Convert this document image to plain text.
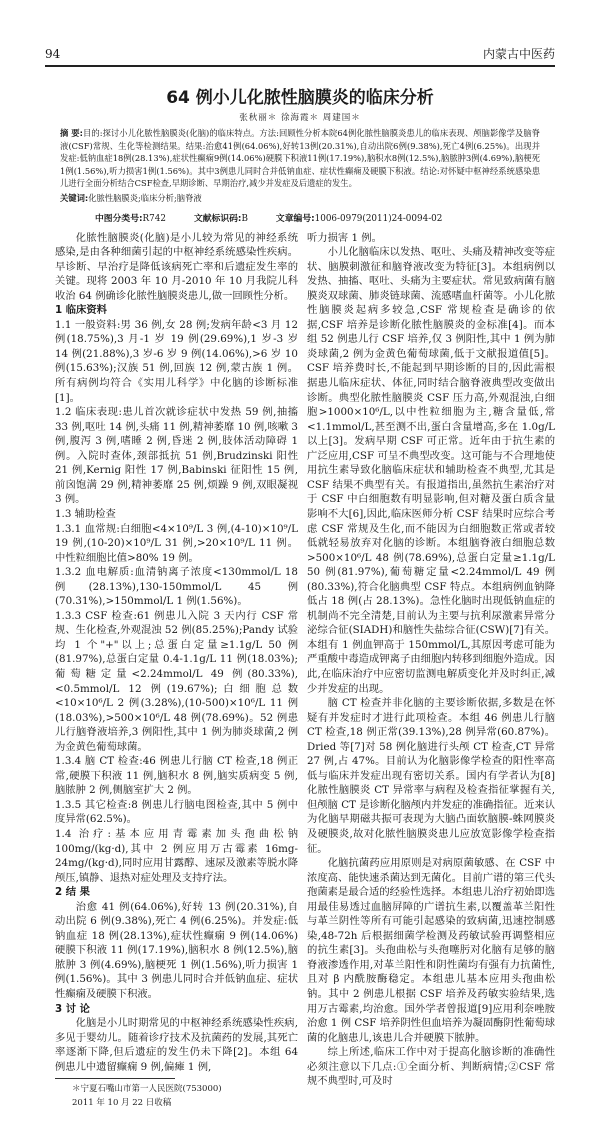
94	内蒙古中医药
64 例小儿化脓性脑膜炎的临床分析
张秋丽＊ 徐海霞＊ 周建国＊
摘 要:目的:探讨小儿化脓性脑膜炎(化脑)的临床特点。方法:回顾性分析本院64例化脓性脑膜炎患儿的临床表现、颅脑影像学及脑脊液(CSF)常规、生化等检测结果。结果:治愈41例(64.06%),好转13例(20.31%),自动出院6例(9.38%),死亡4例(6.25%)。出现并发症:低钠血症18例(28.13%),症状性癫痫9例(14.06%)硬膜下积液11例(17.19%),脑积水8例(12.5%),脑脓肿3例(4.69%),脑梗死1例(1.56%),听力损害1例(1.56%)。其中3例患儿同时合并低钠血症、症状性癫痫及硬膜下积液。结论:对怀疑中枢神经系统感染患儿进行全面分析结合CSF检查,早期诊断、早期治疗,减少并发症及后遗症的发生。
关键词:化脓性脑膜炎;临床分析;脑脊液
中图分类号:R742	文献标识码:B	文章编号:1006-0979(2011)24-0094-02

化脓性脑膜炎(化脑)是小儿较为常见的神经系统感染,是由各种细菌引起的中枢神经系统感染性疾病。早诊断、早治疗是降低该病死亡率和后遗症发生率的关键。现将 2003 年 10 月-2010 年 10 月我院儿科收治 64 例确诊化脓性脑膜炎患儿,做一回顾性分析。

1 临床资料

1.1 一般资料:男 36 例,女 28 例;发病年龄<3 月 12 例(18.75%),3 月-1 岁 19 例(29.69%),1 岁-3 岁 14 例(21.88%),3 岁-6 岁 9 例(14.06%),>6 岁 10 例(15.63%);汉族 51 例,回族 12 例,蒙古族 1 例。所有病例均符合《实用儿科学》中化脑的诊断标准[1]。

1.2 临床表现:患儿首次就诊症状中发热 59 例,抽搐 33 例,呕吐 14 例,头痛 11 例,精神萎靡 10 例,咳嗽 3 例,腹泻 3 例,嗜睡 2 例,昏迷 2 例,肢体活动障碍 1 例。入院时查体,颈部抵抗 51 例,Brudzinski 阳性 21 例,Kernig 阳性 17 例,Babinski 征阳性 15 例,前囟饱满 29 例,精神萎靡 25 例,烦躁 9 例,双眼凝视 3 例。

1.3 辅助检查

1.3.1 血常规:白细胞<4×10⁹/L 3 例,(4-10)×10⁹/L 19 例,(10-20)×10⁹/L 31 例,>20×10⁹/L 11 例。中性粒细胞比值>80% 19 例。

1.3.2 血电解质:血清钠离子浓度<130mmol/L 18 例(28.13%),130-150mmol/L 45 例(70.31%),>150mmol/L 1 例(1.56%)。

1.3.3 CSF 检查:61 例患儿入院 3 天内行 CSF 常规、生化检查,外观混浊 52 例(85.25%);Pandy 试验均 1 个"+"以上;总蛋白定量≥1.1g/L 50 例(81.97%),总蛋白定量 0.4-1.1g/L 11 例(18.03%);葡萄糖定量<2.24mmol/L 49 例(80.33%),<0.5mmol/L 12 例(19.67%);白细胞总数<10×10⁶/L 2 例(3.28%),(10-500)×10⁶/L 11 例(18.03%),>500×10⁶/L 48 例(78.69%)。52 例患儿行脑脊液培养,3 例阳性,其中 1 例为肺炎球菌,2 例为金黄色葡萄球菌。

1.3.4 脑 CT 检查:46 例患儿行脑 CT 检查,18 例正常,硬膜下积液 11 例,脑积水 8 例,脑实质病变 5 例,脑脓肿 2 例,侧脑室扩大 2 例。

1.3.5 其它检查:8 例患儿行脑电图检查,其中 5 例中度异常(62.5%)。

1.4 治疗:基本应用青霉素加头孢曲松钠 100mg/(kg·d),其中 2 例应用万古霉素 16mg-24mg/(kg·d),同时应用甘露醇、速尿及激素等脱水降颅压,镇静、退热对症处理及支持疗法。

2 结 果

治愈 41 例(64.06%),好转 13 例(20.31%),自动出院 6 例(9.38%),死亡 4 例(6.25%)。并发症:低钠血症 18 例(28.13%),症状性癫痫 9 例(14.06%)硬膜下积液 11 例(17.19%),脑积水 8 例(12.5%),脑脓肿 3 例(4.69%),脑梗死 1 例(1.56%),听力损害 1 例(1.56%)。其中 3 例患儿同时合并低钠血症、症状性癫痫及硬膜下积液。

3 讨 论

化脑是小儿时期常见的中枢神经系统感染性疾病,多见于婴幼儿。随着诊疗技术及抗菌药的发展,其死亡率逐渐下降,但后遗症的发生仍未下降[2]。本组 64 例患儿中遗留癫痫 9 例,偏瘫 1 例,

＊宁夏石嘴山市第一人民医院(753000)
2011 年 10 月 22 日收稿

听力损害 1 例。

小儿化脑临床以发热、呕吐、头痛及精神改变等症状、脑膜刺激征和脑脊液改变为特征[3]。本组病例以发热、抽搐、呕吐、头痛为主要症状。常见致病菌有脑膜炎双球菌、肺炎链球菌、流感嗜血杆菌等。小儿化脓性脑膜炎起病多较急,CSF 常规检查是确诊的依据,CSF 培养是诊断化脓性脑膜炎的金标准[4]。而本组 52 例患儿行 CSF 培养,仅 3 例阳性,其中 1 例为肺炎球菌,2 例为金黄色葡萄球菌,低于文献报道值[5]。CSF 培养费时长,不能起到早期诊断的目的,因此需根据患儿临床症状、体征,同时结合脑脊液典型改变做出诊断。典型化脓性脑膜炎 CSF 压力高,外观混浊,白细胞>1000×10⁶/L,以中性粒细胞为主,糖含量低,常<1.1mmol/L,甚至测不出,蛋白含量增高,多在 1.0g/L 以上[3]。发病早期 CSF 可正常。近年由于抗生素的广泛应用,CSF 可呈不典型改变。这可能与不合理地使用抗生素导致化脑临床症状和辅助检查不典型,尤其是 CSF 结果不典型有关。有报道指出,虽然抗生素治疗对于 CSF 中白细胞数有明显影响,但对糖及蛋白质含量影响不大[6],因此,临床医师分析 CSF 结果时应综合考虑 CSF 常规及生化,而不能因为白细胞数正常或者较低就轻易放弃对化脑的诊断。本组脑脊液白细胞总数>500×10⁶/L 48 例(78.69%),总蛋白定量≥1.1g/L 50 例(81.97%),葡萄糖定量<2.24mmol/L 49 例(80.33%),符合化脑典型 CSF 特点。本组病例血钠降低占 18 例(占 28.13%)。急性化脑时出现低钠血症的机制尚不完全清楚,目前认为主要与抗利尿激素异常分泌综合征(SIADH)和脑性失盐综合征(CSW)[7]有关。本组有 1 例血钾高于 150mmol/L,其原因考虑可能为严重酸中毒造成钾离子由细胞内转移到细胞外造成。因此,在临床治疗中应密切监测电解质变化并及时纠正,减少并发症的出现。

脑 CT 检查并非化脑的主要诊断依据,多数是在怀疑有并发症时才进行此项检查。本组 46 例患儿行脑 CT 检查,18 例正常(39.13%),28 例异常(60.87%)。Dried 等[7]对 58 例化脑进行头颅 CT 检查,CT 异常 27 例,占 47%。目前认为化脑影像学检查的阳性率高低与临床并发症出现有密切关系。国内有学者认为[8]化脓性脑膜炎 CT 异常率与病程及检查指征掌握有关,但颅脑 CT 是诊断化脑颅内并发症的准确指征。近来认为化脑早期磁共振可表现为大脑凸面软脑膜-蛛网膜炎及硬膜炎,故对化脓性脑膜炎患儿应放宽影像学检查指征。

化脑抗菌药应用原则是对病原菌敏感、在 CSF 中浓度高、能快速杀菌达到无菌化。目前广谱的第三代头孢菌素是最合适的经验性选择。本组患儿治疗初始即选用最佳易透过血脑屏障的广谱抗生素,以覆盖革兰阳性与革兰阴性等所有可能引起感染的致病菌,迅速控制感染,48-72h 后根据细菌学检测及药敏试验再调整相应的抗生素[3]。头孢曲松与头孢噻肟对化脑有足够的脑脊液渗透作用,对革兰阳性和阴性菌均有强有力抗菌性,且对 β 内酰胺酶稳定。本组患儿基本应用头孢曲松钠。其中 2 例患儿根据 CSF 培养及药敏实验结果,选用万古霉素,均治愈。国外学者曾报道[9]应用利奈唑胺治愈 1 例 CSF 培养阴性但血培养为凝固酶阴性葡萄球菌的化脑患儿,该患儿合并硬膜下脓肿。

综上所述,临床工作中对于提高化脑诊断的准确性必须注意以下几点:①全面分析、判断病情;②CSF 常规不典型时,可及时
